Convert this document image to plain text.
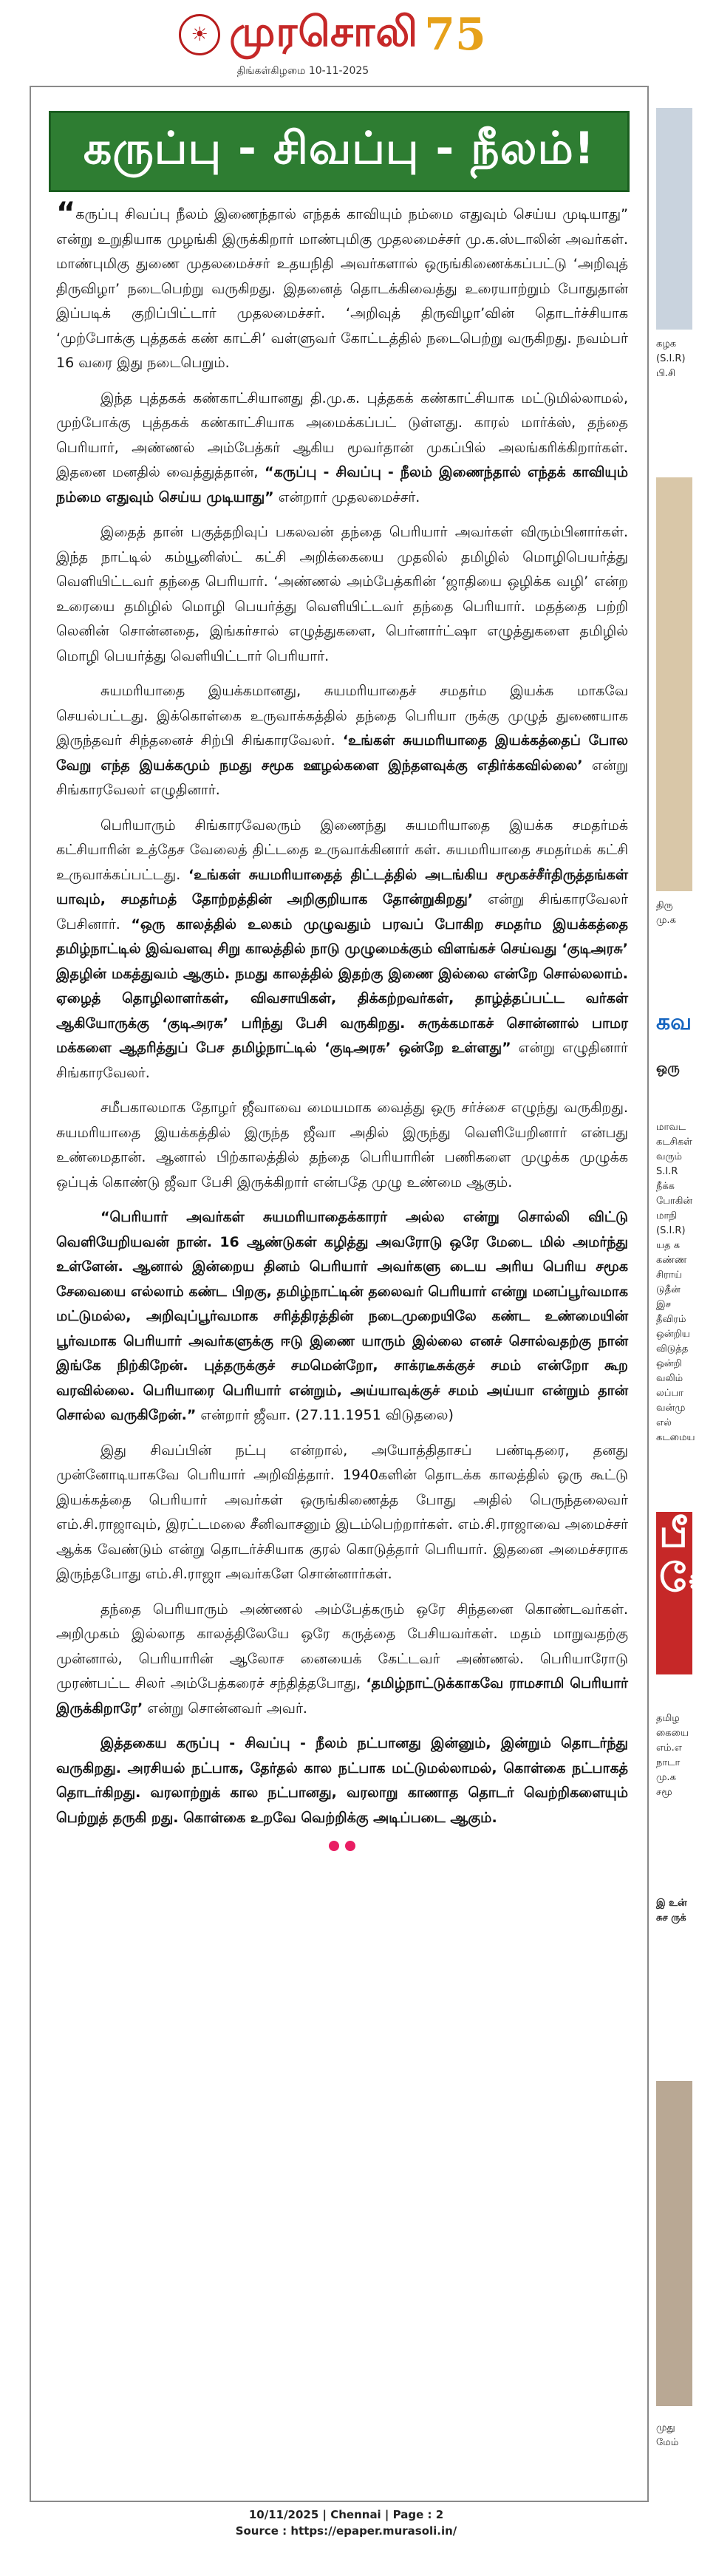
☀ முரசொலி 75
திங்கள்கிழமை 10-11-2025
கருப்பு - சிவப்பு - நீலம்!

“கருப்பு சிவப்பு நீலம் இணைந்தால் எந்தக் காவியும் நம்மை எதுவும் செய்ய முடியாது” என்று உறுதியாக முழங்கி இருக்கிறார் மாண்புமிகு முதலமைச்சர் மு.க.ஸ்டாலின் அவர்கள். மாண்புமிகு துணை முதலமைச்சர் உதயநிதி அவர்களால் ஒருங்கிணைக்கப்பட்டு ‘அறிவுத் திருவிழா’ நடைபெற்று வருகிறது. இதனைத் தொடக்கிவைத்து உரையாற்றும் போதுதான் இப்படிக் குறிப்பிட்டார் முதலமைச்சர். ‘அறிவுத் திருவிழா’வின் தொடர்ச்சியாக ‘முற்போக்கு புத்தகக் கண் காட்சி’ வள்ளுவர் கோட்டத்தில் நடைபெற்று வருகிறது. நவம்பர் 16 வரை இது நடைபெறும்.

இந்த புத்தகக் கண்காட்சியானது தி.மு.க. புத்தகக் கண்காட்சியாக மட்டுமில்லாமல், முற்போக்கு புத்தகக் கண்காட்சியாக அமைக்கப்பட் டுள்ளது. காரல் மார்க்ஸ், தந்தை பெரியார், அண்ணல் அம்பேத்கர் ஆகிய மூவர்தான் முகப்பில் அலங்கரிக்கிறார்கள். இதனை மனதில் வைத்துத்தான், “கருப்பு - சிவப்பு - நீலம் இணைந்தால் எந்தக் காவியும் நம்மை எதுவும் செய்ய முடியாது” என்றார் முதலமைச்சர்.

இதைத் தான் பகுத்தறிவுப் பகலவன் தந்தை பெரியார் அவர்கள் விரும்பினார்கள். இந்த நாட்டில் கம்யூனிஸ்ட் கட்சி அறிக்கையை முதலில் தமிழில் மொழிபெயர்த்து வெளியிட்டவர் தந்தை பெரியார். ‘அண்ணல் அம்பேத்கரின் ‘ஜாதியை ஒழிக்க வழி’ என்ற உரையை தமிழில் மொழி பெயர்த்து வெளியிட்டவர் தந்தை பெரியார். மதத்தை பற்றி லெனின் சொன்னதை, இங்கர்சால் எழுத்துகளை, பெர்னார்ட்ஷா எழுத்துகளை தமிழில் மொழி பெயர்த்து வெளியிட்டார் பெரியார்.

சுயமரியாதை இயக்கமானது, சுயமரியாதைச் சமதர்ம இயக்க மாகவே செயல்பட்டது. இக்கொள்கை உருவாக்கத்தில் தந்தை பெரியா ருக்கு முழுத் துணையாக இருந்தவர் சிந்தனைச் சிற்பி சிங்காரவேலர். ‘உங்கள் சுயமரியாதை இயக்கத்தைப் போல வேறு எந்த இயக்கமும் நமது சமூக ஊழல்களை இந்தளவுக்கு எதிர்க்கவில்லை’ என்று சிங்காரவேலர் எழுதினார்.

பெரியாரும் சிங்காரவேலரும் இணைந்து சுயமரியாதை இயக்க சமதர்மக் கட்சியாரின் உத்தேச வேலைத் திட்டதை உருவாக்கினார் கள். சுயமரியாதை சமதர்மக் கட்சி உருவாக்கப்பட்டது. ‘உங்கள் சுயமரியாதைத் திட்டத்தில் அடங்கிய சமூகச்சீர்திருத்தங்கள் யாவும், சமதர்மத் தோற்றத்தின் அறிகுறியாக தோன்றுகிறது’ என்று சிங்காரவேலர் பேசினார். “ஒரு காலத்தில் உலகம் முழுவதும் பரவப் போகிற சமதர்ம இயக்கத்தை தமிழ்நாட்டில் இவ்வளவு சிறு காலத்தில் நாடு முழுமைக்கும் விளங்கச் செய்வது ‘குடிஅரசு’ இதழின் மகத்துவம் ஆகும். நமது காலத்தில் இதற்கு இணை இல்லை என்றே சொல்லலாம். ஏழைத் தொழிலாளர்கள், விவசாயிகள், திக்கற்றவர்கள், தாழ்த்தப்பட்ட வர்கள் ஆகியோருக்கு ‘குடிஅரசு’ பரிந்து பேசி வருகிறது. சுருக்கமாகச் சொன்னால் பாமர மக்களை ஆதரித்துப் பேச தமிழ்நாட்டில் ‘குடிஅரசு’ ஒன்றே உள்ளது” என்று எழுதினார் சிங்காரவேலர்.

சமீபகாலமாக தோழர் ஜீவாவை மையமாக வைத்து ஒரு சர்ச்சை எழுந்து வருகிறது. சுயமரியாதை இயக்கத்தில் இருந்த ஜீவா அதில் இருந்து வெளியேறினார் என்பது உண்மைதான். ஆனால் பிற்காலத்தில் தந்தை பெரியாரின் பணிகளை முழுக்க முழுக்க ஒப்புக் கொண்டு ஜீவா பேசி இருக்கிறார் என்பதே முழு உண்மை ஆகும்.

“பெரியார் அவர்கள் சுயமரியாதைக்காரர் அல்ல என்று சொல்லி விட்டு வெளியேறியவன் நான். 16 ஆண்டுகள் கழித்து அவரோடு ஒரே மேடை மில் அமர்ந்து உள்ளேன். ஆனால் இன்றைய தினம் பெரியார் அவர்களு டைய அரிய பெரிய சமூக சேவையை எல்லாம் கண்ட பிறகு, தமிழ்நாட்டின் தலைவர் பெரியார் என்று மனப்பூர்வமாக மட்டுமல்ல, அறிவுப்பூர்வமாக சரித்திரத்தின் நடைமுறையிலே கண்ட உண்மையின் பூர்வமாக பெரியார் அவர்களுக்கு ஈடு இணை யாரும் இல்லை எனச் சொல்வதற்கு நான் இங்கே நிற்கிறேன். புத்தருக்குச் சமமென்றோ, சாக்ரடீசுக்குச் சமம் என்றோ கூற வரவில்லை. பெரியாரை பெரியார் என்றும், அய்யாவுக்குச் சமம் அய்யா என்றும் தான் சொல்ல வருகிறேன்.” என்றார் ஜீவா. (27.11.1951 விடுதலை)

இது சிவப்பின் நட்பு என்றால், அயோத்திதாசப் பண்டிதரை, தனது முன்னோடியாகவே பெரியார் அறிவித்தார். 1940களின் தொடக்க காலத்தில் ஒரு கூட்டு இயக்கத்தை பெரியார் அவர்கள் ஒருங்கிணைத்த போது அதில் பெருந்தலைவர் எம்.சி.ராஜாவும், இரட்டமலை சீனிவாசனும் இடம்பெற்றார்கள். எம்.சி.ராஜாவை அமைச்சர் ஆக்க வேண்டும் என்று தொடர்ச்சியாக குரல் கொடுத்தார் பெரியார். இதனை அமைச்சராக இருந்தபோது எம்.சி.ராஜா அவர்களே சொன்னார்கள்.

தந்தை பெரியாரும் அண்ணல் அம்பேத்கரும் ஒரே சிந்தனை கொண்டவர்கள். அறிமுகம் இல்லாத காலத்திலேயே ஒரே கருத்தை பேசியவர்கள். மதம் மாறுவதற்கு முன்னால், பெரியாரின் ஆலோச னையைக் கேட்டவர் அண்ணல். பெரியாரோடு முரண்பட்ட சிலர் அம்பேத்கரைச் சந்தித்தபோது, ‘தமிழ்நாட்டுக்காகவே ராமசாமி பெரியார் இருக்கிறாரே’ என்று சொன்னவர் அவர்.

இத்தகைய கருப்பு - சிவப்பு - நீலம் நட்பானது இன்னும், இன்றும் தொடர்ந்து வருகிறது. அரசியல் நட்பாக, தேர்தல் கால நட்பாக மட்டுமல்லாமல், கொள்கை நட்பாகத் தொடர்கிறது. வரலாற்றுக் கால நட்பானது, வரலாறு காணாத தொடர் வெற்றிகளையும் பெற்றுத் தருகி றது. கொள்கை உறவே வெற்றிக்கு அடிப்படை ஆகும்.

கழக (S.I.R) பி.சி
திரு மு.க
கவ
ஒரு
மாவட கடசிகள் வரும் S.I.R நீக்க போகின் மாநி (S.I.R) யத க கண்ண சிராய் டுதீன் இச தீவிரம் ஒன்றிய விடுத்த ஒன்றி வலிம் லப்பா வன்மு எல் கடமைய
பீ ே
தமிழ கையை எம்.எ நாடா மு.க சமூ
இ உன் சுச ருக்
முது மேம்
10/11/2025 | Chennai | Page : 2
Source : https://epaper.murasoli.in/
